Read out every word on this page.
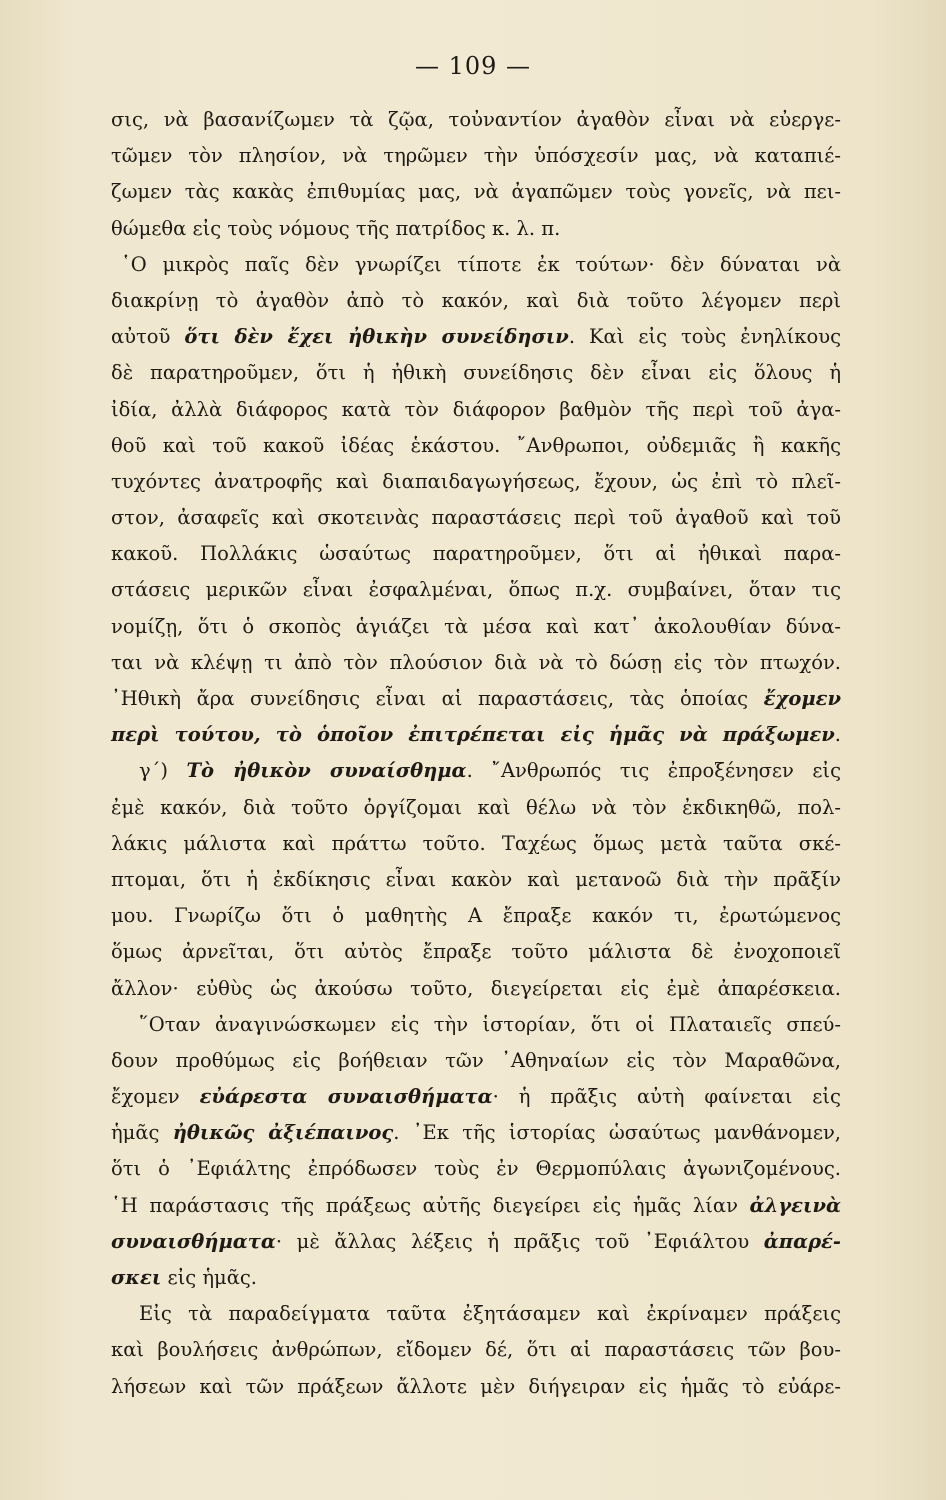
— 109 —
σις, νὰ βασανίζωμεν τὰ ζῷα, τοὐναντίον ἀγαθὸν εἶναι νὰ εὐεργε-
τῶμεν τὸν πλησίον, νὰ τηρῶμεν τὴν ὑπόσχεσίν μας, νὰ καταπιέ-
ζωμεν τὰς κακὰς ἐπιθυμίας μας, νὰ ἀγαπῶμεν τοὺς γονεῖς, νὰ πει-
θώμεθα εἰς τοὺς νόμους τῆς πατρίδος κ. λ. π.
῾Ο μικρὸς παῖς δὲν γνωρίζει τίποτε ἐκ τούτων· δὲν δύναται νὰ
διακρίνῃ τὸ ἀγαθὸν ἀπὸ τὸ κακόν, καὶ διὰ τοῦτο λέγομεν περὶ
αὐτοῦ ὅτι δὲν ἔχει ἠθικὴν συνείδησιν. Καὶ εἰς τοὺς ἐνηλίκους
δὲ παρατηροῦμεν, ὅτι ἡ ἠθικὴ συνείδησις δὲν εἶναι εἰς ὅλους ἡ
ἰδία, ἀλλὰ διάφορος κατὰ τὸν διάφορον βαθμὸν τῆς περὶ τοῦ ἀγα-
θοῦ καὶ τοῦ κακοῦ ἰδέας ἑκάστου. ῎Ανθρωποι, οὐδεμιᾶς ἢ κακῆς
τυχόντες ἀνατροφῆς καὶ διαπαιδαγωγήσεως, ἔχουν, ὡς ἐπὶ τὸ πλεῖ-
στον, ἀσαφεῖς καὶ σκοτεινὰς παραστάσεις περὶ τοῦ ἀγαθοῦ καὶ τοῦ
κακοῦ. Πολλάκις ὡσαύτως παρατηροῦμεν, ὅτι αἱ ἠθικαὶ παρα-
στάσεις μερικῶν εἶναι ἐσφαλμέναι, ὅπως π.χ. συμβαίνει, ὅταν τις
νομίζῃ, ὅτι ὁ σκοπὸς ἁγιάζει τὰ μέσα καὶ κατ᾽ ἀκολουθίαν δύνα-
ται νὰ κλέψῃ τι ἀπὸ τὸν πλούσιον διὰ νὰ τὸ δώσῃ εἰς τὸν πτωχόν.
᾽Ηθικὴ ἄρα συνείδησις εἶναι αἱ παραστάσεις, τὰς ὁποίας ἔχομεν
περὶ τούτου, τὸ ὁποῖον ἐπιτρέπεται εἰς ἡμᾶς νὰ πράξωμεν.
γ΄) Τὸ ἠθικὸν συναίσθημα. ῎Ανθρωπός τις ἐπροξένησεν εἰς
ἐμὲ κακόν, διὰ τοῦτο ὀργίζομαι καὶ θέλω νὰ τὸν ἐκδικηθῶ, πολ-
λάκις μάλιστα καὶ πράττω τοῦτο. Ταχέως ὅμως μετὰ ταῦτα σκέ-
πτομαι, ὅτι ἡ ἐκδίκησις εἶναι κακὸν καὶ μετανοῶ διὰ τὴν πρᾶξίν
μου. Γνωρίζω ὅτι ὁ μαθητὴς Α ἔπραξε κακόν τι, ἐρωτώμενος
ὅμως ἀρνεῖται, ὅτι αὐτὸς ἔπραξε τοῦτο μάλιστα δὲ ἐνοχοποιεῖ
ἄλλον· εὐθὺς ὡς ἀκούσω τοῦτο, διεγείρεται εἰς ἐμὲ ἀπαρέσκεια.
῞Οταν ἀναγινώσκωμεν εἰς τὴν ἱστορίαν, ὅτι οἱ Πλαταιεῖς σπεύ-
δουν προθύμως εἰς βοήθειαν τῶν ᾽Αθηναίων εἰς τὸν Μαραθῶνα,
ἔχομεν εὐάρεστα συναισθήματα· ἡ πρᾶξις αὐτὴ φαίνεται εἰς
ἡμᾶς ἠθικῶς ἀξιέπαινος. ᾽Εκ τῆς ἱστορίας ὡσαύτως μανθάνομεν,
ὅτι ὁ ᾽Εφιάλτης ἐπρόδωσεν τοὺς ἐν Θερμοπύλαις ἀγωνιζομένους.
῾Η παράστασις τῆς πράξεως αὐτῆς διεγείρει εἰς ἡμᾶς λίαν ἀλγεινὰ
συναισθήματα· μὲ ἄλλας λέξεις ἡ πρᾶξις τοῦ ᾽Εφιάλτου ἀπαρέ-
σκει εἰς ἡμᾶς.
Εἰς τὰ παραδείγματα ταῦτα ἐξητάσαμεν καὶ ἐκρίναμεν πράξεις
καὶ βουλήσεις ἀνθρώπων, εἴδομεν δέ, ὅτι αἱ παραστάσεις τῶν βου-
λήσεων καὶ τῶν πράξεων ἄλλοτε μὲν διήγειραν εἰς ἡμᾶς τὸ εὐάρε-
